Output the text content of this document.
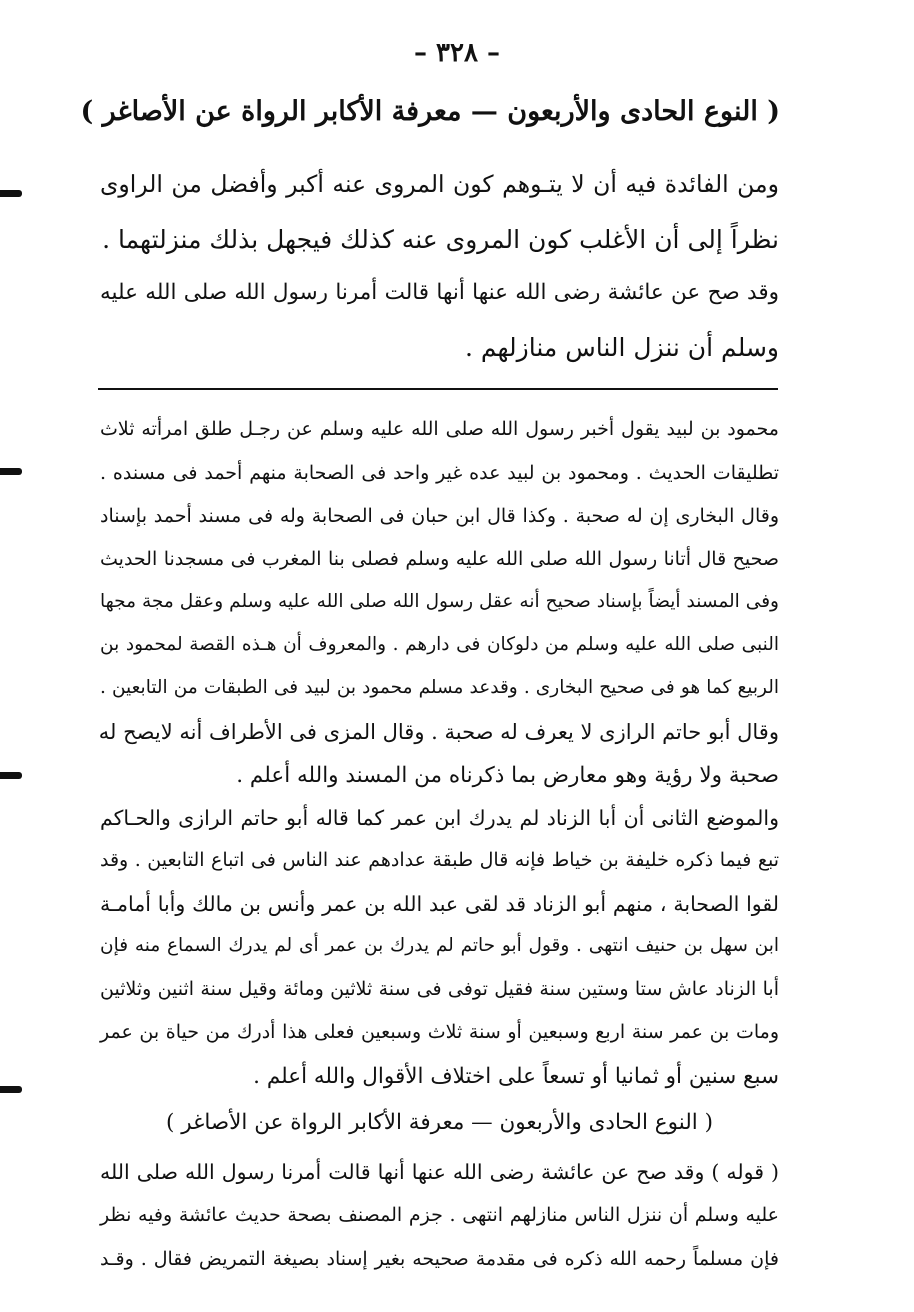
– ٣٢٨ –
( النوع الحادى والأربعون — معرفة الأكابر الرواة عن الأصاغر )
ومن الفائدة فيه أن لا يتـوهم كون المروى عنه أكبر وأفضل من الراوى
نظراً إلى أن الأغلب كون المروى عنه كذلك فيجهل بذلك منزلتهما .
وقد صح عن عائشة رضى الله عنها أنها قالت أمرنا رسول الله صلى الله عليه
وسلم أن ننزل الناس منازلهم .
محمود بن لبيد يقول أخبر رسول الله صلى الله عليه وسلم عن رجـل طلق امرأته ثلاث
تطليقات الحديث . ومحمود بن لبيد عده غير واحد فى الصحابة منهم أحمد فى مسنده .
وقال البخارى إن له صحبة . وكذا قال ابن حبان فى الصحابة وله فى مسند أحمد بإسناد
صحيح قال أتانا رسول الله صلى الله عليه وسلم فصلى بنا المغرب فى مسجدنا الحديث
وفى المسند أيضاً بإسناد صحيح أنه عقل رسول الله صلى الله عليه وسلم وعقل مجة مجها
النبى صلى الله عليه وسلم من دلوكان فى دارهم . والمعروف أن هـذه القصة لمحمود بن
الربيع كما هو فى صحيح البخارى . وقدعد مسلم محمود بن لبيد فى الطبقات من التابعين .
وقال أبو حاتم الرازى لا يعرف له صحبة . وقال المزى فى الأطراف أنه لايصح له
صحبة ولا رؤية وهو معارض بما ذكرناه من المسند والله أعلم .
والموضع الثانى أن أبا الزناد لم يدرك ابن عمر كما قاله أبو حاتم الرازى والحـاكم
تبع فيما ذكره خليفة بن خياط فإنه قال طبقة عدادهم عند الناس فى اتباع التابعين . وقد
لقوا الصحابة ، منهم أبو الزناد قد لقى عبد الله بن عمر وأنس بن مالك وأبا أمامـة
ابن سهل بن حنيف انتهى . وقول أبو حاتم لم يدرك بن عمر أى لم يدرك السماع منه فإن
أبا الزناد عاش ستا وستين سنة فقيل توفى فى سنة ثلاثين ومائة وقيل سنة اثنين وثلاثين
ومات بن عمر سنة اربع وسبعين أو سنة ثلاث وسبعين فعلى هذا أدرك من حياة بن عمر
سبع سنين أو ثمانيا أو تسعاً على اختلاف الأقوال والله أعلم .
( النوع الحادى والأربعون — معرفة الأكابر الرواة عن الأصاغر )
( قوله ) وقد صح عن عائشة رضى الله عنها أنها قالت أمرنا رسول الله صلى الله
عليه وسلم أن ننزل الناس منازلهم انتهى . جزم المصنف بصحة حديث عائشة وفيه نظر
فإن مسلماً رحمه الله ذكره فى مقدمة صحيحه بغير إسناد بصيغة التمريض فقال . وقـد
